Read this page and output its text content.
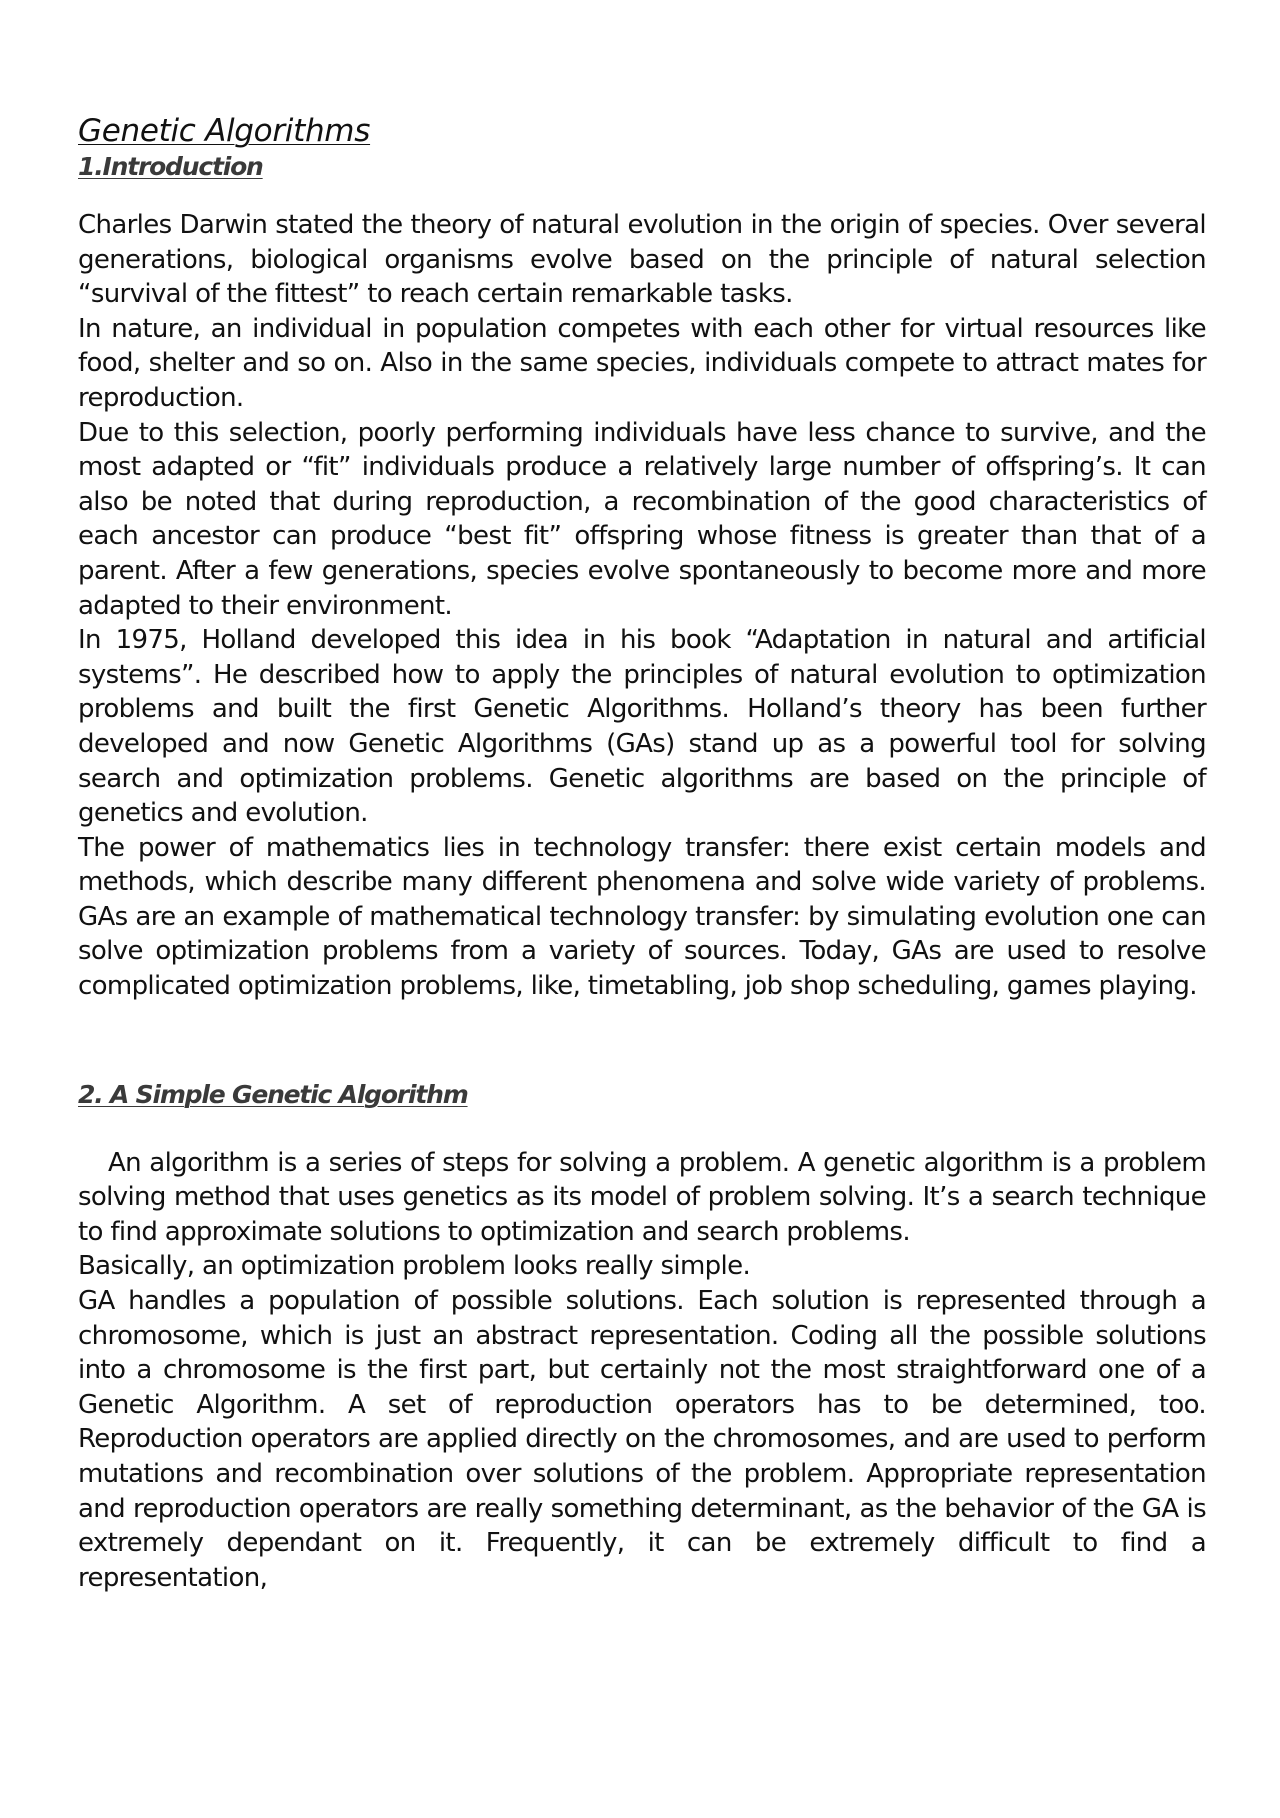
Genetic Algorithms
1.Introduction

Charles Darwin stated the theory of natural evolution in the origin of species. Over several generations, biological organisms evolve based on the principle of natural selection “survival of the fittest” to reach certain remarkable tasks.

In nature, an individual in population competes with each other for virtual resources like food, shelter and so on. Also in the same species, individuals compete to attract mates for reproduction.

Due to this selection, poorly performing individuals have less chance to survive, and the most adapted or “fit” individuals produce a relatively large number of offspring’s. It can also be noted that during reproduction, a recombination of the good characteristics of each ancestor can produce “best fit” offspring whose fitness is greater than that of a parent. After a few generations, species evolve spontaneously to become more and more adapted to their environment.

In 1975, Holland developed this idea in his book “Adaptation in natural and artificial systems”. He described how to apply the principles of natural evolution to optimization problems and built the first Genetic Algorithms. Holland’s theory has been further developed and now Genetic Algorithms (GAs) stand up as a powerful tool for solving search and optimization problems. Genetic algorithms are based on the principle of genetics and evolution.

The power of mathematics lies in technology transfer: there exist certain models and methods, which describe many different phenomena and solve wide variety of problems. GAs are an example of mathematical technology transfer: by simulating evolution one can solve optimization problems from a variety of sources. Today, GAs are used to resolve complicated optimization problems, like, timetabling, job shop scheduling, games playing.

2. A Simple Genetic Algorithm

An algorithm is a series of steps for solving a problem. A genetic algorithm is a problem solving method that uses genetics as its model of problem solving. It’s a search technique to find approximate solutions to optimization and search problems.

Basically, an optimization problem looks really simple.

GA handles a population of possible solutions. Each solution is represented through a chromosome, which is just an abstract representation. Coding all the possible solutions into a chromosome is the first part, but certainly not the most straightforward one of a Genetic Algorithm. A set of reproduction operators has to be determined, too. Reproduction operators are applied directly on the chromosomes, and are used to perform mutations and recombination over solutions of the problem. Appropriate representation and reproduction operators are really something determinant, as the behavior of the GA is extremely dependant on it. Frequently, it can be extremely difficult to find a representation,
